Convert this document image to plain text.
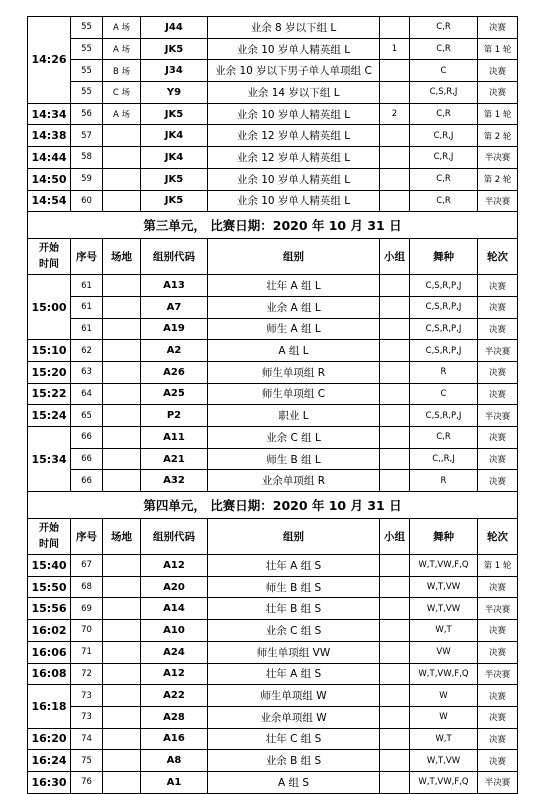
14:26	55	A 场	J44	业余 8 岁以下组 L		C,R	决赛
	55	A 场	JK5	业余 10 岁单人精英组 L	1	C,R	第 1 轮
	55	B 场	J34	业余 10 岁以下男子单人单项组 C		C	决赛
	55	C 场	Y9	业余 14 岁以下组 L		C,S,R,J	决赛
14:34	56	A 场	JK5	业余 10 岁单人精英组 L	2	C,R	第 1 轮
14:38	57		JK4	业余 12 岁单人精英组 L		C,R,J	第 2 轮
14:44	58		JK4	业余 12 岁单人精英组 L		C,R,J	半决赛
14:50	59		JK5	业余 10 岁单人精英组 L		C,R	第 2 轮
14:54	60		JK5	业余 10 岁单人精英组 L		C,R	半决赛
第三单元， 比赛日期：2020 年 10 月 31 日							
开始
时间	序号	场地	组别代码	组别	小组	舞种	轮次
15:00	61		A13	壮年 A 组 L		C,S,R,P,J	决赛
	61		A7	业余 A 组 L		C,S,R,P,J	决赛
	61		A19	师生 A 组 L		C,S,R,P,J	决赛
15:10	62		A2	A 组 L		C,S,R,P,J	半决赛
15:20	63		A26	师生单项组 R		R	决赛
15:22	64		A25	师生单项组 C		C	决赛
15:24	65		P2	职业 L		C,S,R,P,J	半决赛
15:34	66		A11	业余 C 组 L		C,R	决赛
	66		A21	师生 B 组 L		C,,R,J	决赛
	66		A32	业余单项组 R		R	决赛
第四单元， 比赛日期：2020 年 10 月 31 日							
开始
时间	序号	场地	组别代码	组别	小组	舞种	轮次
15:40	67		A12	壮年 A 组 S		W,T,VW,F,Q	第 1 轮
15:50	68		A20	师生 B 组 S		W,T,VW	决赛
15:56	69		A14	壮年 B 组 S		W,T,VW	半决赛
16:02	70		A10	业余 C 组 S		W,T	决赛
16:06	71		A24	师生单项组 VW		VW	决赛
16:08	72		A12	壮年 A 组 S		W,T,VW,F,Q	半决赛
16:18	73		A22	师生单项组 W		W	决赛
	73		A28	业余单项组 W		W	决赛
16:20	74		A16	壮年 C 组 S		W,T	决赛
16:24	75		A8	业余 B 组 S		W,T,VW	决赛
16:30	76		A1	A 组 S		W,T,VW,F,Q	半决赛
